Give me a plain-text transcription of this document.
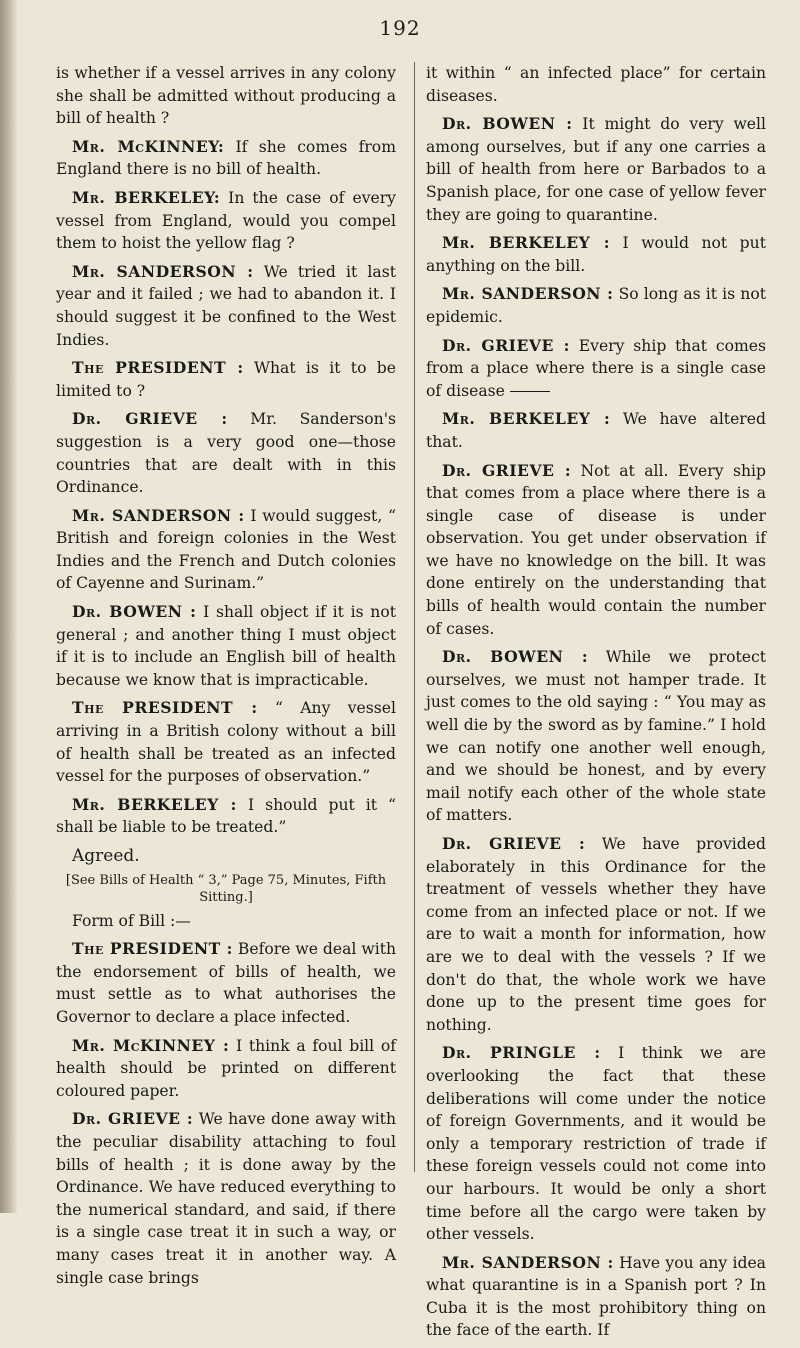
192

is whether if a vessel arrives in any colony she shall be admitted without producing a bill of health ?

Mr. McKINNEY: If she comes from England there is no bill of health.

Mr. BERKELEY: In the case of every vessel from England, would you compel them to hoist the yellow flag ?

Mr. SANDERSON : We tried it last year and it failed ; we had to abandon it. I should suggest it be confined to the West Indies.

The PRESIDENT : What is it to be limited to ?

Dr. GRIEVE : Mr. Sanderson's suggestion is a very good one—those countries that are dealt with in this Ordinance.

Mr. SANDERSON : I would suggest, “ British and foreign colonies in the West Indies and the French and Dutch colonies of Cayenne and Surinam.”

Dr. BOWEN : I shall object if it is not general ; and another thing I must object if it is to include an English bill of health because we know that is impracticable.

The PRESIDENT : “ Any vessel arriving in a British colony without a bill of health shall be treated as an infected vessel for the purposes of observation.”

Mr. BERKELEY : I should put it “ shall be liable to be treated.”

Agreed.

[See Bills of Health “ 3,” Page 75, Minutes, Fifth Sitting.]

Form of Bill :—

The PRESIDENT : Before we deal with the endorsement of bills of health, we must settle as to what authorises the Governor to declare a place infected.

Mr. McKINNEY : I think a foul bill of health should be printed on different coloured paper.

Dr. GRIEVE : We have done away with the peculiar disability attaching to foul bills of health ; it is done away by the Ordinance. We have reduced everything to the numerical standard, and said, if there is a single case treat it in such a way, or many cases treat it in another way. A single case brings

it within “ an infected place” for certain diseases.

Dr. BOWEN : It might do very well among ourselves, but if any one carries a bill of health from here or Barbados to a Spanish place, for one case of yellow fever they are going to quarantine.

Mr. BERKELEY : I would not put anything on the bill.

Mr. SANDERSON : So long as it is not epidemic.

Dr. GRIEVE : Every ship that comes from a place where there is a single case of disease

Mr. BERKELEY : We have altered that.

Dr. GRIEVE : Not at all. Every ship that comes from a place where there is a single case of disease is under observation. You get under observation if we have no knowledge on the bill. It was done entirely on the understanding that bills of health would contain the number of cases.

Dr. BOWEN : While we protect ourselves, we must not hamper trade. It just comes to the old saying : “ You may as well die by the sword as by famine.” I hold we can notify one another well enough, and we should be honest, and by every mail notify each other of the whole state of matters.

Dr. GRIEVE : We have provided elaborately in this Ordinance for the treatment of vessels whether they have come from an infected place or not. If we are to wait a month for information, how are we to deal with the vessels ? If we don't do that, the whole work we have done up to the present time goes for nothing.

Dr. PRINGLE : I think we are overlooking the fact that these deliberations will come under the notice of foreign Governments, and it would be only a temporary restriction of trade if these foreign vessels could not come into our harbours. It would be only a short time before all the cargo were taken by other vessels.

Mr. SANDERSON : Have you any idea what quarantine is in a Spanish port ? In Cuba it is the most prohibitory thing on the face of the earth. If
